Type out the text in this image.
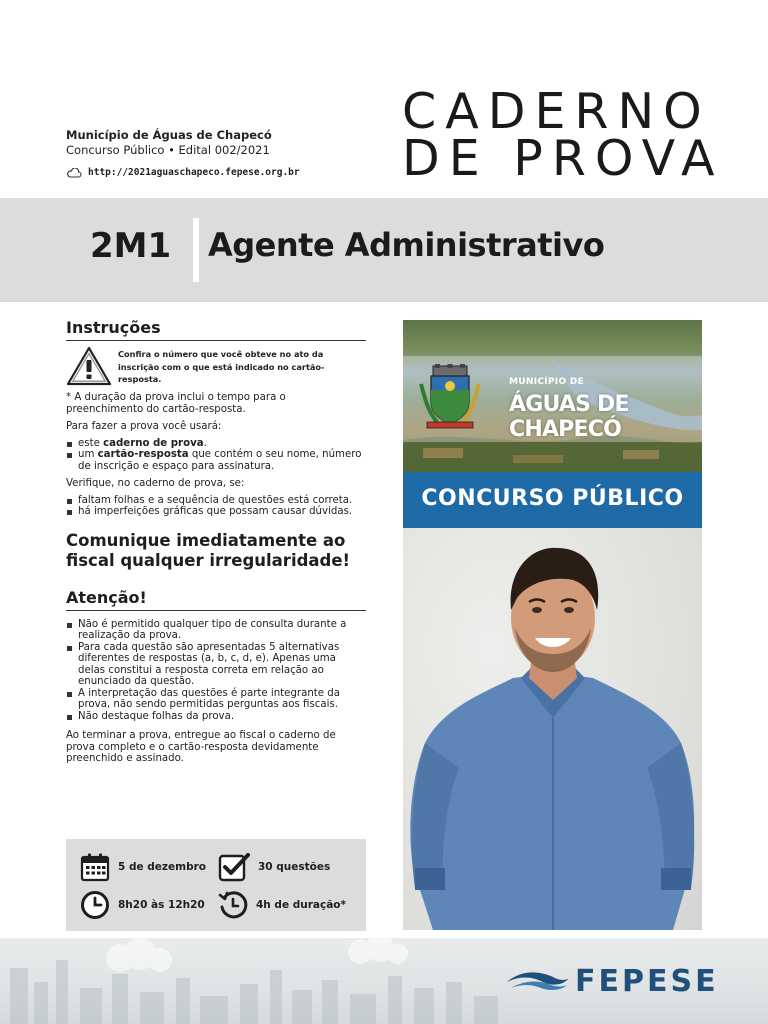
Município de Águas de Chapecó
Concurso Público • Edital 002/2021
http://2021aguaschapeco.fepese.org.br
CADERNO
DE PROVA
2M1 Agente Administrativo
Instruções
Confira o número que você obteve no ato da inscrição com o que está indicado no cartão-resposta.
* A duração da prova inclui o tempo para o preenchimento do cartão-resposta.
Para fazer a prova você usará:
este caderno de prova.
um cartão-resposta que contém o seu nome, número de inscrição e espaço para assinatura.
Verifique, no caderno de prova, se:
faltam folhas e a sequência de questões está correta.
há imperfeições gráficas que possam causar dúvidas.
Comunique imediatamente ao fiscal qualquer irregularidade!
Atenção!
Não é permitido qualquer tipo de consulta durante a realização da prova.
Para cada questão são apresentadas 5 alternativas diferentes de respostas (a, b, c, d, e). Apenas uma delas constitui a resposta correta em relação ao enunciado da questão.
A interpretação das questões é parte integrante da prova, não sendo permitidas perguntas aos fiscais.
Não destaque folhas da prova.
Ao terminar a prova, entregue ao fiscal o caderno de prova completo e o cartão-resposta devidamente preenchido e assinado.
5 de dezembro	30 questões
8h20 às 12h20	4h de duração*
MUNICÍPIO DE
ÁGUAS DE CHAPECÓ
CONCURSO PÚBLICO
FEPESE
